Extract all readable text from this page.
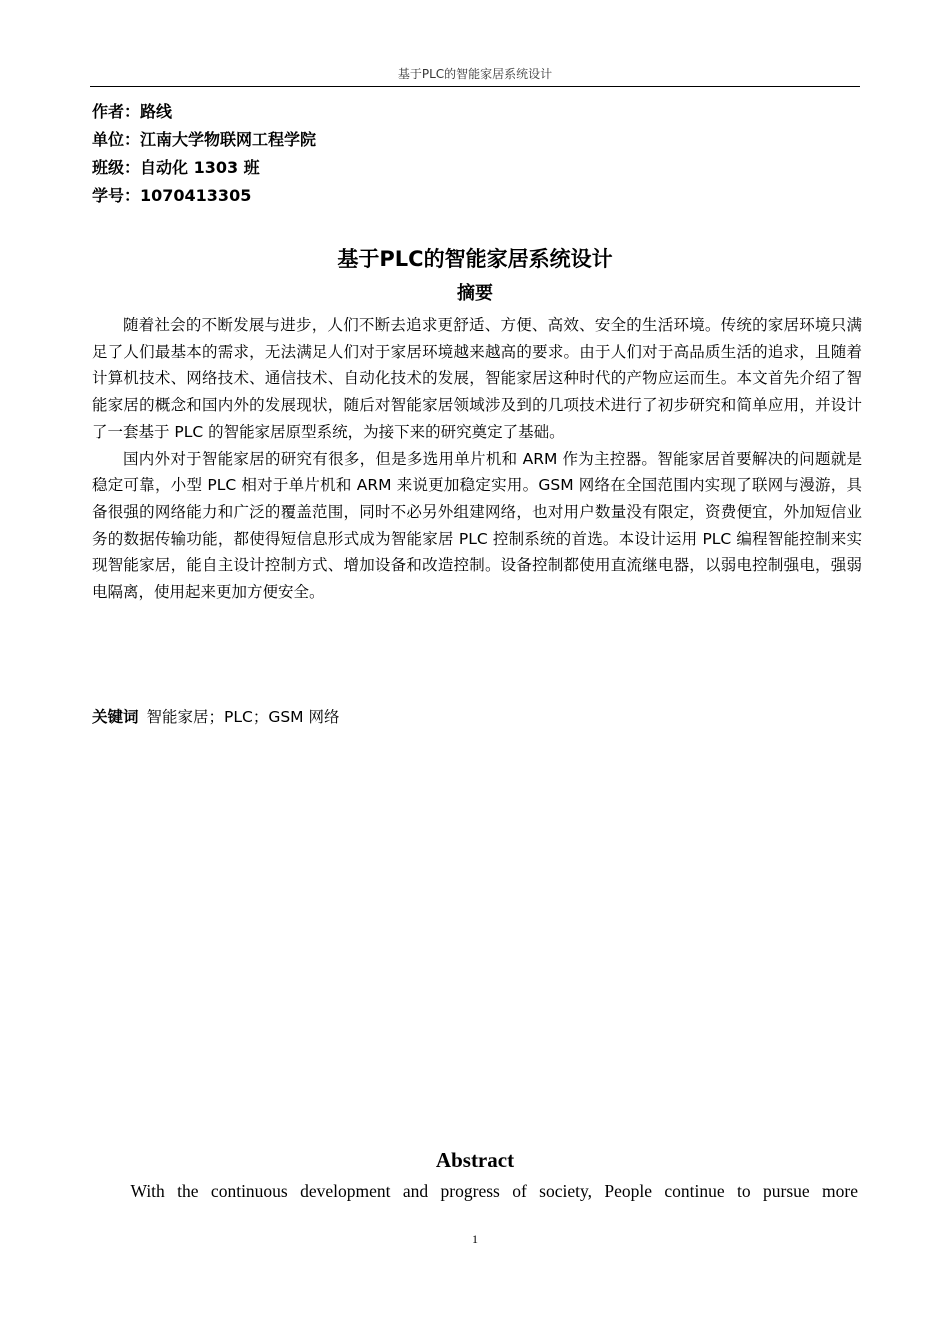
基于PLC的智能家居系统设计
作者：路线
单位：江南大学物联网工程学院
班级：自动化 1303 班
学号：1070413305
基于PLC的智能家居系统设计
摘要

随着社会的不断发展与进步，人们不断去追求更舒适、方便、高效、安全的生活环境。传统的家居环境只满足了人们最基本的需求，无法满足人们对于家居环境越来越高的要求。由于人们对于高品质生活的追求，且随着计算机技术、网络技术、通信技术、自动化技术的发展，智能家居这种时代的产物应运而生。本文首先介绍了智能家居的概念和国内外的发展现状，随后对智能家居领域涉及到的几项技术进行了初步研究和简单应用，并设计了一套基于 PLC 的智能家居原型系统，为接下来的研究奠定了基础。

国内外对于智能家居的研究有很多，但是多选用单片机和 ARM 作为主控器。智能家居首要解决的问题就是稳定可靠，小型 PLC 相对于单片机和 ARM 来说更加稳定实用。GSM 网络在全国范围内实现了联网与漫游，具备很强的网络能力和广泛的覆盖范围，同时不必另外组建网络，也对用户数量没有限定，资费便宜，外加短信业务的数据传输功能，都使得短信息形式成为智能家居 PLC 控制系统的首选。本设计运用 PLC 编程智能控制来实现智能家居，能自主设计控制方式、增加设备和改造控制。设备控制都使用直流继电器，以弱电控制强电，强弱电隔离，使用起来更加方便安全。

关键词 智能家居；PLC；GSM 网络
Abstract
With the continuous development and progress of society, People continue to pursue more
1
